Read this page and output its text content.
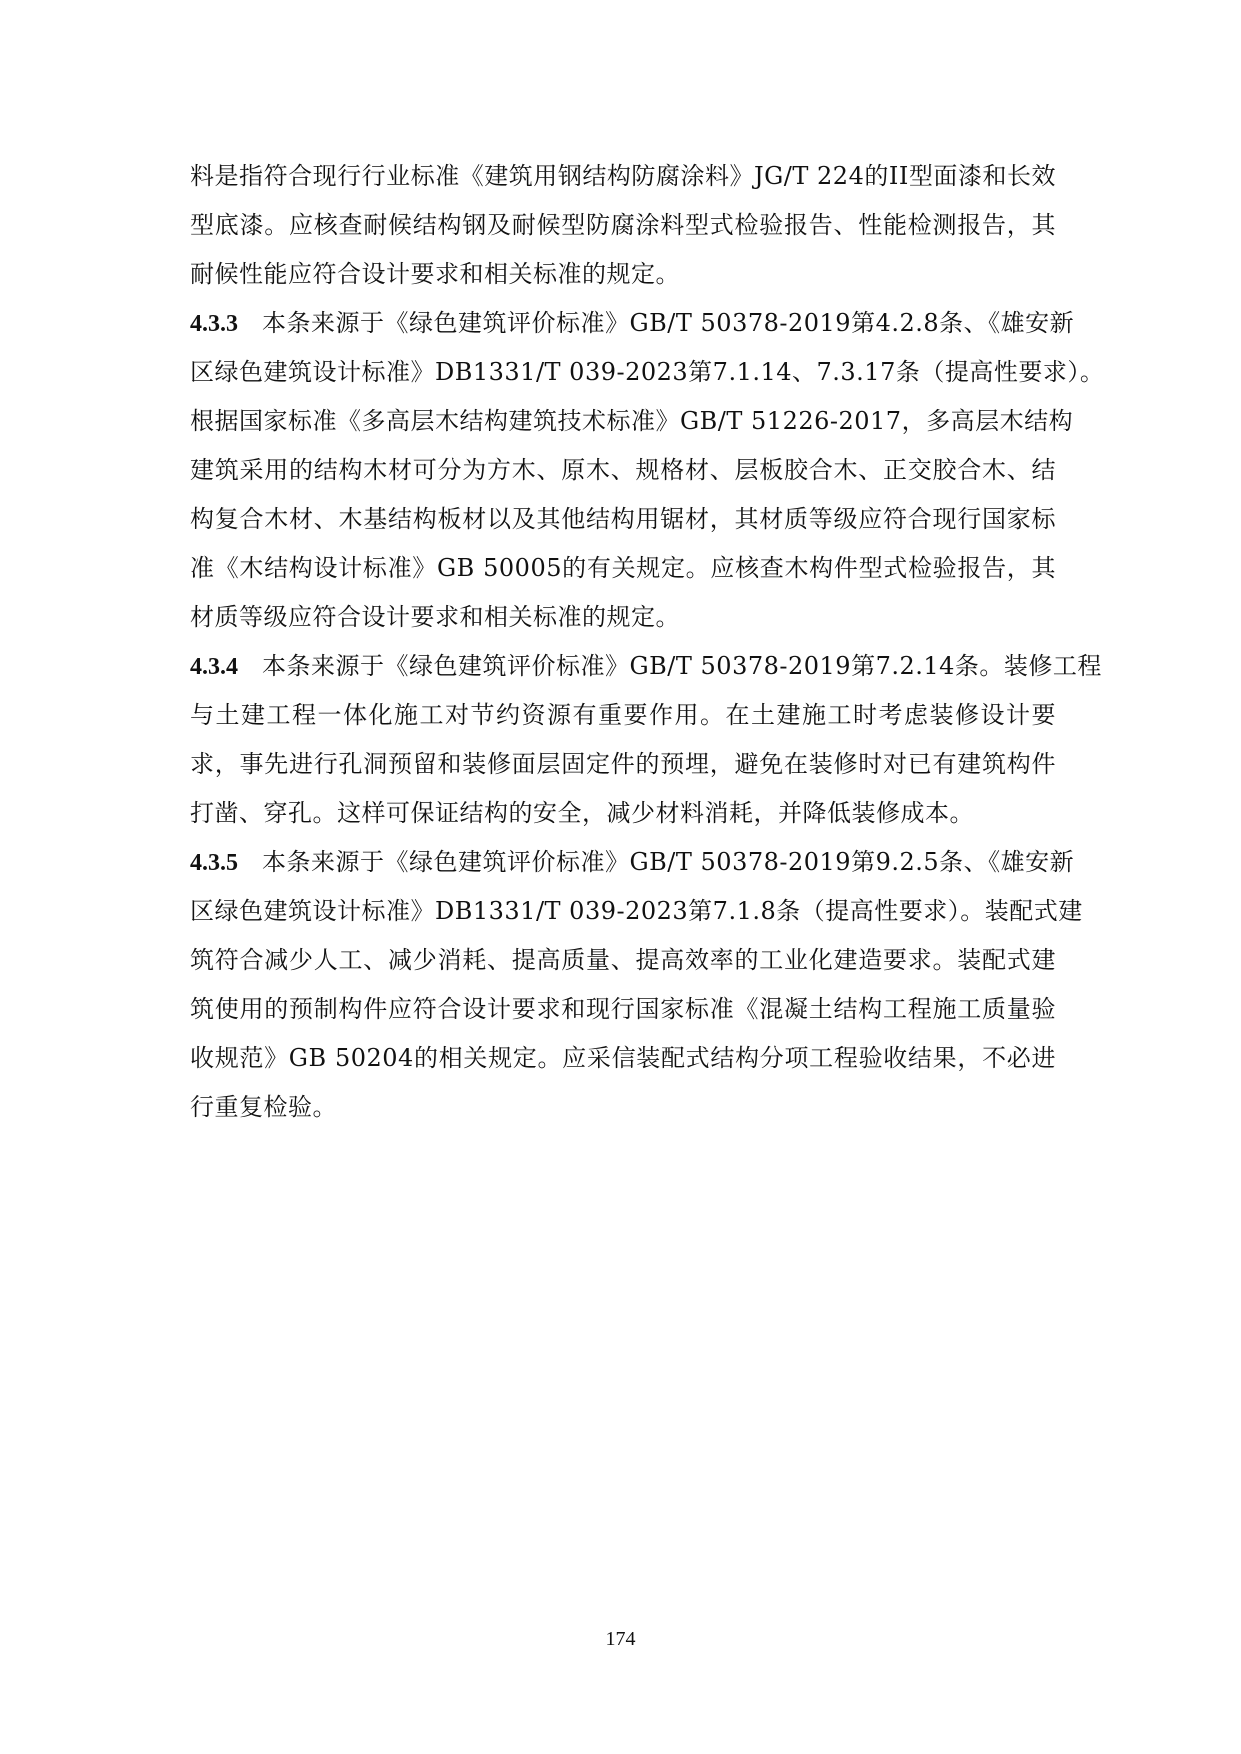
料是指符合现行行业标准《建筑用钢结构防腐涂料》JG/T 224的II型面漆和长效
型底漆。应核查耐候结构钢及耐候型防腐涂料型式检验报告、性能检测报告，其
耐候性能应符合设计要求和相关标准的规定。
4.3.3 本条来源于《绿色建筑评价标准》GB/T 50378-2019第4.2.8条、《雄安新
区绿色建筑设计标准》DB1331/T 039-2023第7.1.14、7.3.17条（提高性要求）。
根据国家标准《多高层木结构建筑技术标准》GB/T 51226-2017，多高层木结构
建筑采用的结构木材可分为方木、原木、规格材、层板胶合木、正交胶合木、结
构复合木材、木基结构板材以及其他结构用锯材，其材质等级应符合现行国家标
准《木结构设计标准》GB 50005的有关规定。应核查木构件型式检验报告，其
材质等级应符合设计要求和相关标准的规定。
4.3.4 本条来源于《绿色建筑评价标准》GB/T 50378-2019第7.2.14条。装修工程
与土建工程一体化施工对节约资源有重要作用。在土建施工时考虑装修设计要
求，事先进行孔洞预留和装修面层固定件的预埋，避免在装修时对已有建筑构件
打凿、穿孔。这样可保证结构的安全，减少材料消耗，并降低装修成本。
4.3.5 本条来源于《绿色建筑评价标准》GB/T 50378-2019第9.2.5条、《雄安新
区绿色建筑设计标准》DB1331/T 039-2023第7.1.8条（提高性要求）。装配式建
筑符合减少人工、减少消耗、提高质量、提高效率的工业化建造要求。装配式建
筑使用的预制构件应符合设计要求和现行国家标准《混凝土结构工程施工质量验
收规范》GB 50204的相关规定。应采信装配式结构分项工程验收结果，不必进
行重复检验。
174
